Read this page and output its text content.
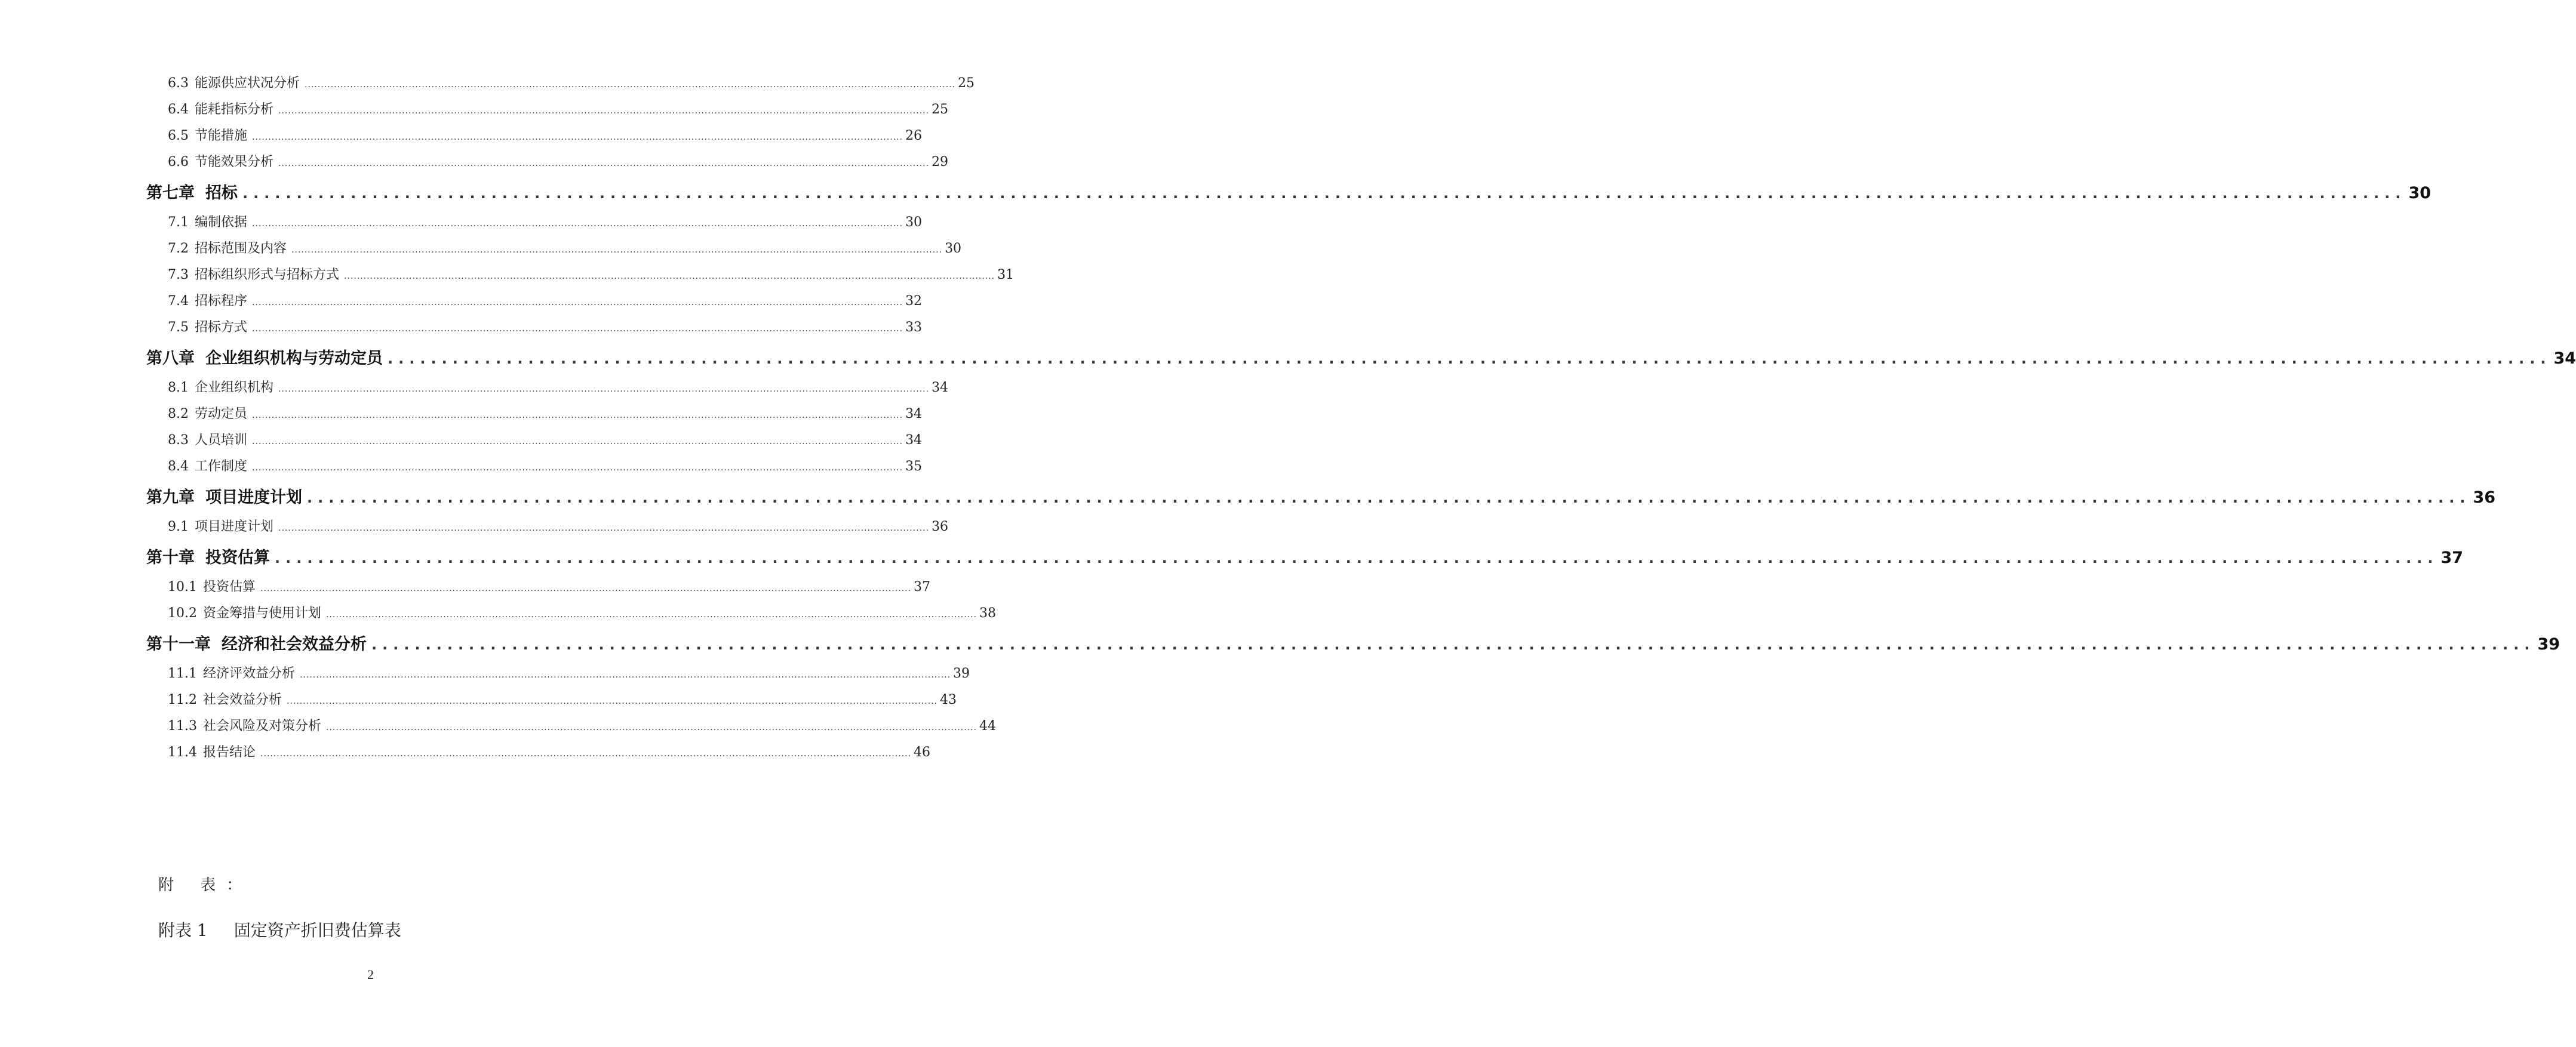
6.3 能源供应状况分析 ........................................................................................................................................................................................................ 25
6.4 能耗指标分析 ........................................................................................................................................................................................................ 25
6.5 节能措施 ........................................................................................................................................................................................................ 26
6.6 节能效果分析 ........................................................................................................................................................................................................ 29
第七章 招标 ........................................................................................................................................................................................................ 30
7.1 编制依据 ........................................................................................................................................................................................................ 30
7.2 招标范围及内容 ........................................................................................................................................................................................................ 30
7.3 招标组织形式与招标方式 ........................................................................................................................................................................................................ 31
7.4 招标程序 ........................................................................................................................................................................................................ 32
7.5 招标方式 ........................................................................................................................................................................................................ 33
第八章 企业组织机构与劳动定员 ........................................................................................................................................................................................................ 34
8.1 企业组织机构 ........................................................................................................................................................................................................ 34
8.2 劳动定员 ........................................................................................................................................................................................................ 34
8.3 人员培训 ........................................................................................................................................................................................................ 34
8.4 工作制度 ........................................................................................................................................................................................................ 35
第九章 项目进度计划 ........................................................................................................................................................................................................ 36
9.1 项目进度计划 ........................................................................................................................................................................................................ 36
第十章 投资估算 ........................................................................................................................................................................................................ 37
10.1 投资估算 ........................................................................................................................................................................................................ 37
10.2 资金筹措与使用计划 ........................................................................................................................................................................................................ 38
第十一章 经济和社会效益分析 ........................................................................................................................................................................................................ 39
11.1 经济评效益分析 ........................................................................................................................................................................................................ 39
11.2 社会效益分析 ........................................................................................................................................................................................................ 43
11.3 社会风险及对策分析 ........................................................................................................................................................................................................ 44
11.4 报告结论 ........................................................................................................................................................................................................ 46
附 表：
附表 1 固定资产折旧费估算表
2
